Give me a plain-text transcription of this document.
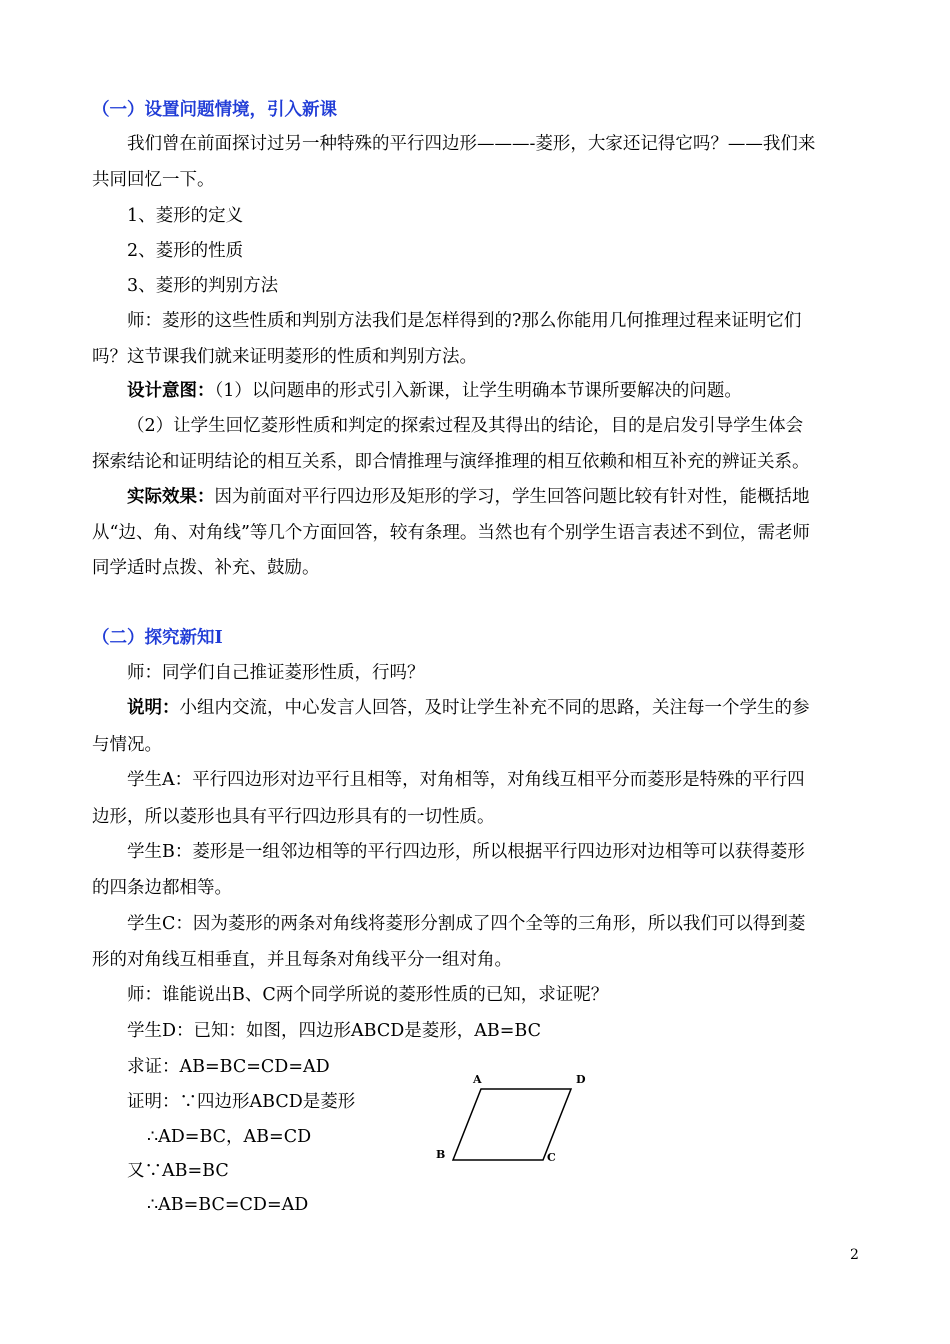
（一）设置问题情境，引入新课
我们曾在前面探讨过另一种特殊的平行四边形———-菱形，大家还记得它吗？——我们来
共同回忆一下。
1、菱形的定义
2、菱形的性质
3、菱形的判别方法
师：菱形的这些性质和判别方法我们是怎样得到的?那么你能用几何推理过程来证明它们
吗？这节课我们就来证明菱形的性质和判别方法。
设计意图：（1）以问题串的形式引入新课，让学生明确本节课所要解决的问题。
（2）让学生回忆菱形性质和判定的探索过程及其得出的结论，目的是启发引导学生体会
探索结论和证明结论的相互关系，即合情推理与演绎推理的相互依赖和相互补充的辨证关系。
实际效果：因为前面对平行四边形及矩形的学习，学生回答问题比较有针对性，能概括地
从“边、角、对角线”等几个方面回答，较有条理。当然也有个别学生语言表述不到位，需老师
同学适时点拨、补充、鼓励。
（二）探究新知Ⅰ
师：同学们自己推证菱形性质，行吗？
说明：小组内交流，中心发言人回答，及时让学生补充不同的思路，关注每一个学生的参
与情况。
学生A：平行四边形对边平行且相等，对角相等，对角线互相平分而菱形是特殊的平行四
边形，所以菱形也具有平行四边形具有的一切性质。
学生B：菱形是一组邻边相等的平行四边形，所以根据平行四边形对边相等可以获得菱形
的四条边都相等。
学生C：因为菱形的两条对角线将菱形分割成了四个全等的三角形，所以我们可以得到菱
形的对角线互相垂直，并且每条对角线平分一组对角。
师：谁能说出B、C两个同学所说的菱形性质的已知，求证呢？
学生D：已知：如图，四边形ABCD是菱形，AB=BC
求证：AB=BC=CD=AD
证明：∵四边形ABCD是菱形
∴AD=BC，AB=CD
又∵AB=BC
∴AB=BC=CD=AD
A	D
B	C
2
